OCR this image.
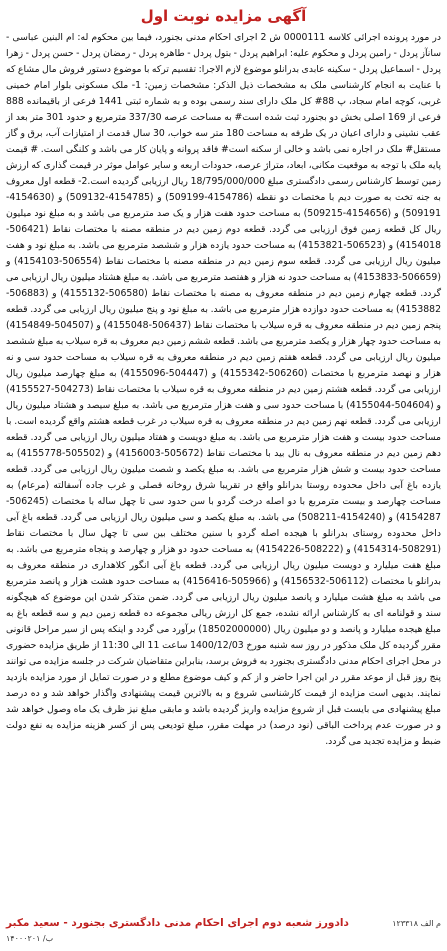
آگهی مزایده نوبت اول
در مورد پرونده اجرائی کلاسه 0000111 ش 2 اجرای احکام مدنی بجنورد، فیما بین محکوم له: ام البنین عباسی - سانآز پردل - رامین پردل و محکوم علیه: ابراهیم پردل - بتول پردل - طاهره پردل - رمضان پردل - حسن پردل - زهرا پردل - اسماعیل پردل - سکینه عابدی بدرانلو موضوع لازم الاجرا: تقسیم ترکه با موضوع دستور فروش مال مشاع که با عنایت به انجام کارشناسی ملک به مشخصات ذیل الذکر: مشخصات زمین: 1- ملک مسکونی بلوار امام خمینی غربی، کوچه امام سجاد، پ 88# کل ملک دارای سند رسمی بوده و به شماره ثبتی 1441 فرعی از باقیمانده 888 فرعی از 169 اصلی بخش دو بجنورد ثبت شده است# به مساحت عرصه 337/30 مترمربع و حدود 301 متر بعد از عقب نشینی و دارای اعیان در یک طرفه به مساحت 180 متر سه خواب، 30 سال قدمت از امتیازات آب، برق و گاز مستقل# ملک در اجاره نمی باشد و خالی از سکنه است# فاقد پروانه و پایان کار می باشد و کلنگی است. # قیمت پایه ملک با توجه به موقعیت مکانی، ابعاد، متراژ عرصه، حدودات اربعه و سایر عوامل موثر در قیمت گذاری که ارزش زمین توسط کارشناس رسمی دادگستری مبلغ 18/795/000/000 ریال ارزیابی گردیده است.2- قطعه اول معروف به جنه تخت به صورت دیم با مختصات دو نقطه (4154786-509199) و (4154785-509132) و (4154630-509191) و (4154656-509215) به مساحت حدود هفت هزار و یک صد مترمربع می باشد و به مبلغ نود میلیون ریال کل قطعه زمین فوق ارزیابی می گردد. قطعه دوم زمین دیم در منطقه مصنه با مختصات نقاط (506421-4154018) و (506523-4153821) به مساحت حدود یازده هزار و ششصد مترمربع می باشد. به مبلغ نود و هفت میلیون ریال ارزیابی می گردد. قطعه سوم زمین دیم در منطقه مصنه با مختصات نقاط (506554-4154103) و (506659-4153833) به مساحت حدود نه هزار و هفتصد مترمربع می باشد. به مبلغ هشتاد میلیون ریال ارزیابی می گردد. قطعه چهارم زمین دیم در منطقه معروف به مصنه با مختصات نقاط (506580-4155132) و (506883-4153882) به مساحت حدود دوازده هزار مترمربع می باشد. به مبلغ نود و پنج میلیون ریال ارزیابی می گردد. قطعه پنجم زمین دیم در منطقه معروف به قره سیلاب با مختصات نقاط (506437-4155048) و (504507-4154849) به مساحت حدود چهار هزار و یکصد مترمربع می باشد. قطعه ششم زمین دیم معروف به قره سیلاب به مبلغ ششصد میلیون ریال ارزیابی می گردد. قطعه هفتم زمین دیم در منطقه معروف به قره سیلاب به مساحت حدود سی و نه هزار و نهصد مترمربع با مختصات (506260-4155342) و (504447-4155096) به مبلغ چهارصد میلیون ریال ارزیابی می گردد. قطعه هشتم زمین دیم در منطقه معروف به قره سیلاب با مختصات نقاط (504273-4155527) و (504604-4155044) با مساحت حدود سی و هفت هزار مترمربع می باشد. به مبلغ سیصد و هشتاد میلیون ریال ارزیابی می گردد. قطعه نهم زمین دیم در منطقه معروف به قره سیلاب در غرب قطعه هشتم واقع گردیده است. با مساحت حدود بیست و هفت هزار مترمربع می باشد. به مبلغ دویست و هفتاد میلیون ریال ارزیابی می گردد. قطعه دهم زمین دیم در منطقه معروف به نال بید با مختصات نقاط (505672-4156003) و (505502-4155778) به مساحت حدود بیست و شش هزار مترمربع می باشد. به مبلغ یکصد و شصت میلیون ریال ارزیابی می گردد. قطعه یازده باغ آبی داخل محدوده روستا بدرانلو واقع در تقریبا شرق روخانه فصلی و غرب جاده آسفالته (مرعام) به مساحت چهارصد و بیست مترمربع با دو اصله درخت گردو با سن حدود سی تا چهل ساله با مختصات (506245-4154287) و (4154240-508211) می باشد. به مبلغ یکصد و سی میلیون ریال ارزیابی می گردد. قطعه باغ آبی داخل محدوده روستای بدرانلو با هیجده اصله گردو با سنین مختلف بین سی تا چهل سال با مختصات نقاط (508291-4154314) و (508222-4154226) به مساحت حدود دو هزار و چهارصد و پنجاه مترمربع می باشد. به مبلغ هفت میلیارد و دویست میلیون ریال ارزیابی می گردد. قطعه باغ آبی انگور کلاهداری در منطقه معروف به بدرانلو با مختصات (506112-4156532) و (505966-4156416) به مساحت حدود هشت هزار و پانصد مترمربع می باشد به مبلغ هشت میلیارد و پانصد میلیون ریال ارزیابی می گردد. ضمن متذکر شدن این موضوع که هیچگونه سند و قولنامه ای به کارشناس ارائه نشده، جمع کل ارزش ریالی مجموعه ده قطعه زمین دیم و سه قطعه باغ به مبلغ هیجده میلیارد و پانصد و دو میلیون ریال (18502000000) برآورد می گردد و اینکه پس از سیر مراحل قانونی مقرر گردیده کل ملک مذکور در روز سه شنبه مورخ 1400/12/03 ساعت 11 الی 11:30 از طریق مزایده حضوری در محل اجرای احکام مدنی دادگستری بجنورد به فروش برسد، بنابراین متقاضیان شرکت در جلسه مزایده می توانند پنج روز قبل از موعد مقرر در این اجرا حاضر و از کم و کیف موضوع مطلع و در صورت تمایل از مورد مزایده بازدید نمایند. بدیهی است مزایده از قیمت کارشناسی شروع و به بالاترین قیمت پیشنهادی واگذار خواهد شد و ده درصد مبلغ پیشنهادی می بایست قبل از شروع مزایده واریز گردیده باشد و مابقی مبلغ نیز ظرف یک ماه وصول خواهد شد و در صورت عدم پرداخت الباقی (نود درصد) در مهلت مقرر، مبلغ تودیعی پس از کسر هزینه مزایده به نفع دولت ضبط و مزایده تجدید می گردد.
م الف ۱۲۳۳۱۸
دادورز شعبه دوم اجرای احکام مدنی دادگستری بجنورد - سعید مکبر
۱۴۰۰۰۲۰۱ /ب
